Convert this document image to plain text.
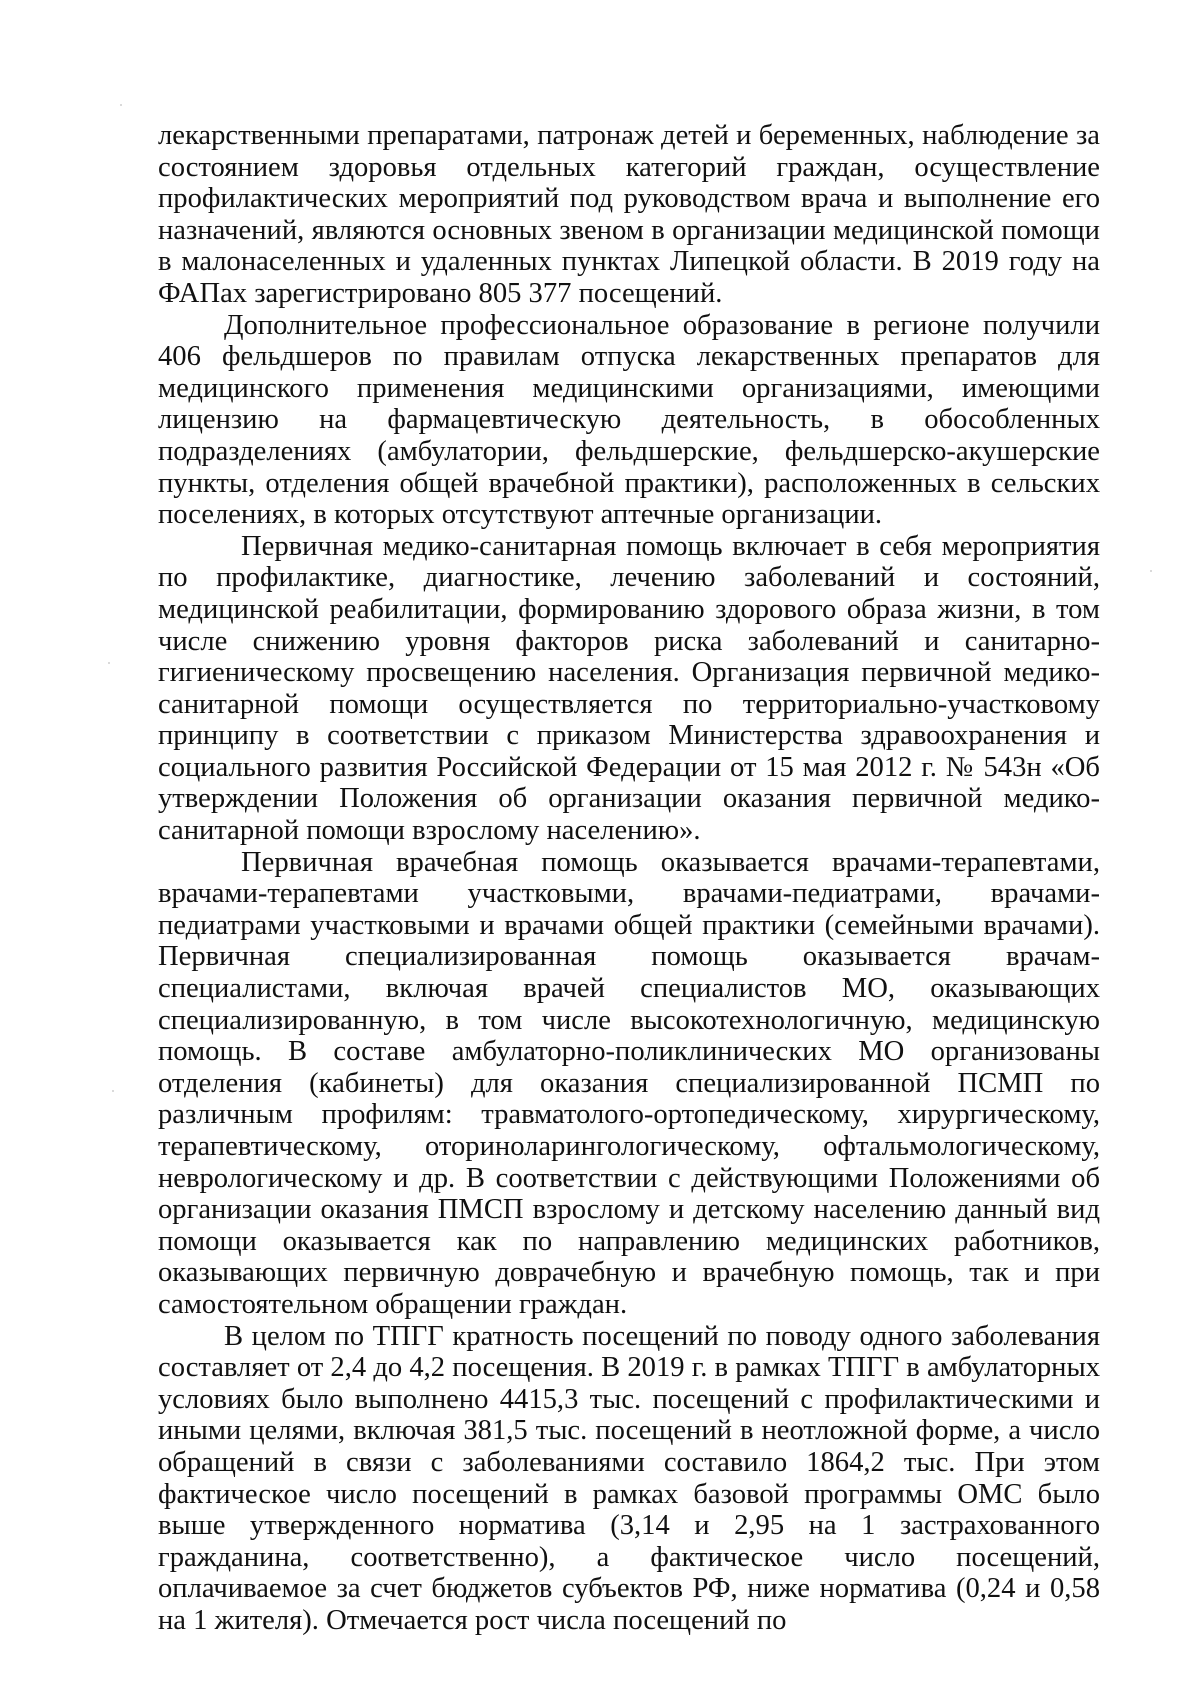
лекарственными препаратами, патронаж детей и беременных, наблюдение за состоянием здоровья отдельных категорий граждан, осуществление профилактических мероприятий под руководством врача и выполнение его назначений, являются основных звеном в организации медицинской помощи в малонаселенных и удаленных пунктах Липецкой области. В 2019 году на ФАПах зарегистрировано 805 377 посещений.

Дополнительное профессиональное образование в регионе получили 406 фельдшеров по правилам отпуска лекарственных препаратов для медицинского применения медицинскими организациями, имеющими лицензию на фармацевтическую деятельность, в обособленных подразделениях (амбулатории, фельдшерские, фельдшерско-акушерские пункты, отделения общей врачебной практики), расположенных в сельских поселениях, в которых отсутствуют аптечные организации.

Первичная медико-санитарная помощь включает в себя мероприятия по профилактике, диагностике, лечению заболеваний и состояний, медицинской реабилитации, формированию здорового образа жизни, в том числе снижению уровня факторов риска заболеваний и санитарно-гигиеническому просвещению населения. Организация первичной медико-санитарной помощи осуществляется по территориально-участковому принципу в соответствии с приказом Министерства здравоохранения и социального развития Российской Федерации от 15 мая 2012 г. № 543н «Об утверждении Положения об организации оказания первичной медико-санитарной помощи взрослому населению».

Первичная врачебная помощь оказывается врачами-терапевтами, врачами-терапевтами участковыми, врачами-педиатрами, врачами-педиатрами участковыми и врачами общей практики (семейными врачами). Первичная специализированная помощь оказывается врачам-специалистами, включая врачей специалистов МО, оказывающих специализированную, в том числе высокотехнологичную, медицинскую помощь. В составе амбулаторно-поликлинических МО организованы отделения (кабинеты) для оказания специализированной ПСМП по различным профилям: травматолого-ортопедическому, хирургическому, терапевтическому, оториноларингологическому, офтальмологическому, неврологическому и др. В соответствии с действующими Положениями об организации оказания ПМСП взрослому и детскому населению данный вид помощи оказывается как по направлению медицинских работников, оказывающих первичную доврачебную и врачебную помощь, так и при самостоятельном обращении граждан.

В целом по ТПГГ кратность посещений по поводу одного заболевания составляет от 2,4 до 4,2 посещения. В 2019 г. в рамках ТПГГ в амбулаторных условиях было выполнено 4415,3 тыс. посещений с профилактическими и иными целями, включая 381,5 тыс. посещений в неотложной форме, а число обращений в связи с заболеваниями составило 1864,2 тыс. При этом фактическое число посещений в рамках базовой программы ОМС было выше утвержденного норматива (3,14 и 2,95 на 1 застрахованного гражданина, соответственно), а фактическое число посещений, оплачиваемое за счет бюджетов субъектов РФ, ниже норматива (0,24 и 0,58 на 1 жителя). Отмечается рост числа посещений по
